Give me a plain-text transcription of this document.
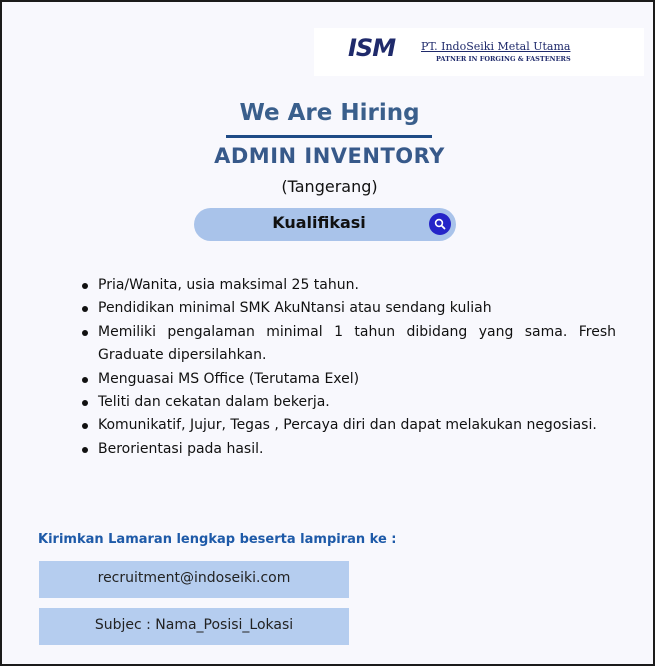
ISM PT. IndoSeiki Metal Utama
PATNER IN FORGING & FASTENERS
We Are Hiring
ADMIN INVENTORY
(Tangerang)
Kualifikasi
Pria/Wanita, usia maksimal 25 tahun.
Pendidikan minimal SMK AkuNtansi atau sendang kuliah
Memiliki pengalaman minimal 1 tahun dibidang yang sama. Fresh Graduate dipersilahkan.
Menguasai MS Office (Terutama Exel)
Teliti dan cekatan dalam bekerja.
Komunikatif, Jujur, Tegas , Percaya diri dan dapat melakukan negosiasi.
Berorientasi pada hasil.
Kirimkan Lamaran lengkap beserta lampiran ke :
recruitment@indoseiki.com
Subjec : Nama_Posisi_Lokasi
